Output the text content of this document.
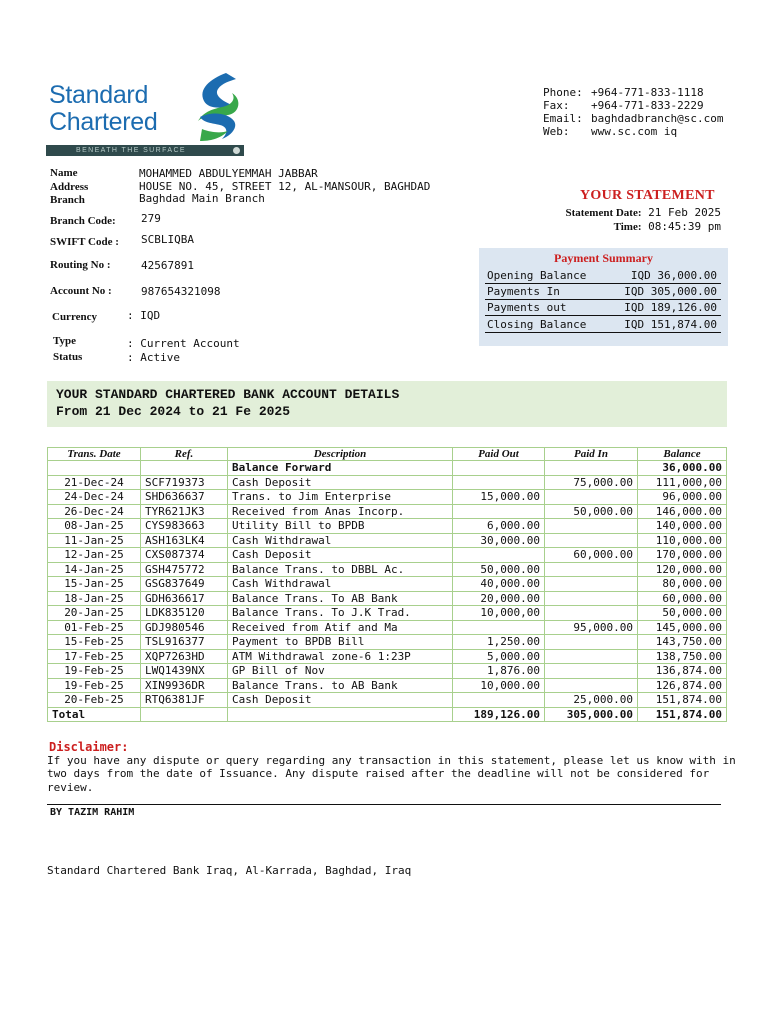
Standard
Chartered
BENEATH THE SURFACE
Phone: +964-771-833-1118
Fax: +964-771-833-2229
Email: baghdadbranch@sc.com
Web: www.sc.com iq
Name	MOHAMMED ABDULYEMMAH JABBAR
Address	HOUSE NO. 45, STREET 12, AL-MANSOUR, BAGHDAD
Branch	Baghdad Main Branch
Branch Code: 279
SWIFT Code : SCBLIQBA
Routing No :	42567891
Account No :	987654321098
Currency	: IQD
Type	: Current Account
Status	: Active
YOUR STATEMENT
Statement Date: 21 Feb 2025
Time: 08:45:39 pm
Payment Summary
Opening Balance	IQD 36,000.00
Payments In	IQD 305,000.00
Payments out	IQD 189,126.00
Closing Balance	IQD 151,874.00
YOUR STANDARD CHARTERED BANK ACCOUNT DETAILS
From 21 Dec 2024 to 21 Fe 2025
Trans. Date	Ref.	Description	Paid Out	Paid In	Balance
		Balance Forward			36,000.00
21-Dec-24	SCF719373	Cash Deposit		75,000.00	111,000,00
24-Dec-24	SHD636637	Trans. to Jim Enterprise	15,000.00		96,000.00
26-Dec-24	TYR621JK3	Received from Anas Incorp.		50,000.00	146,000.00
08-Jan-25	CYS983663	Utility Bill to BPDB	6,000.00		140,000.00
11-Jan-25	ASH163LK4	Cash Withdrawal	30,000.00		110,000.00
12-Jan-25	CXS087374	Cash Deposit		60,000.00	170,000.00
14-Jan-25	GSH475772	Balance Trans. to DBBL Ac.	50,000.00		120,000.00
15-Jan-25	GSG837649	Cash Withdrawal	40,000.00		80,000.00
18-Jan-25	GDH636617	Balance Trans. To AB Bank	20,000.00		60,000.00
20-Jan-25	LDK835120	Balance Trans. To J.K Trad.	10,000,00		50,000.00
01-Feb-25	GDJ980546	Received from Atif and Ma		95,000.00	145,000.00
15-Feb-25	TSL916377	Payment to BPDB Bill	1,250.00		143,750.00
17-Feb-25	XQP7263HD	ATM Withdrawal zone-6 1:23P	5,000.00		138,750.00
19-Feb-25	LWQ1439NX	GP Bill of Nov	1,876.00		136,874.00
19-Feb-25	XIN9936DR	Balance Trans. to AB Bank	10,000.00		126,874.00
20-Feb-25	RTQ6381JF	Cash Deposit		25,000.00	151,874.00
Total			189,126.00	305,000.00	151,874.00
Disclaimer:
If you have any dispute or query regarding any transaction in this statement, please let us know with in two days from the date of Issuance. Any dispute raised after the deadline will not be considered for review.
BY TAZIM RAHIM
Standard Chartered Bank Iraq, Al-Karrada, Baghdad, Iraq
